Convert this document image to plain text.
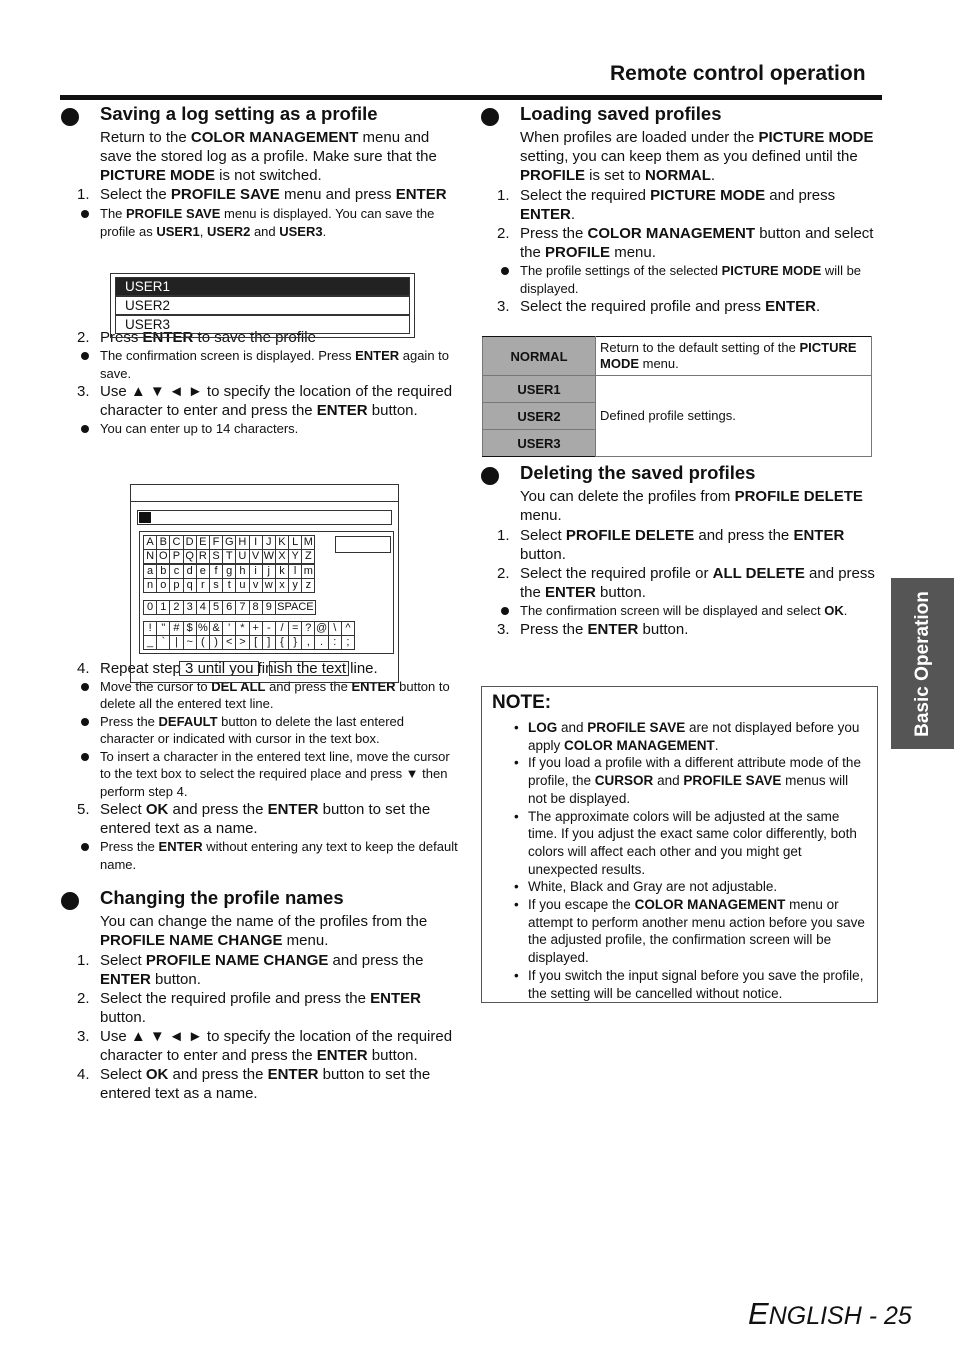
Remote control operation
Saving a log setting as a profile
Return to the COLOR MANAGEMENT menu and save the stored log as a profile. Make sure that the PICTURE MODE is not switched.
1. Select the PROFILE SAVE menu and press ENTER
The PROFILE SAVE menu is displayed. You can save the profile as USER1, USER2 and USER3.
2. Press ENTER to save the profile
The confirmation screen is displayed. Press ENTER again to save.
3. Use ▲ ▼ ◄ ► to specify the location of the required character to enter and press the ENTER button.
You can enter up to 14 characters.
4. Repeat step 3 until you finish the text line.
Move the cursor to DEL ALL and press the ENTER button to delete all the entered text line.
Press the DEFAULT button to delete the last entered character or indicated with cursor in the text box.
To insert a character in the entered text line, move the cursor to the text box to select the required place and press ▼ then perform step 4.
5. Select OK and press the ENTER button to set the entered text as a name.
Press the ENTER without entering any text to keep the default name.
Changing the profile names
You can change the name of the profiles from the PROFILE NAME CHANGE menu.
1. Select PROFILE NAME CHANGE and press the ENTER button.
2. Select the required profile and press the ENTER button.
3. Use ▲ ▼ ◄ ► to specify the location of the required character to enter and press the ENTER button.
4. Select OK and press the ENTER button to set the entered text as a name.
USER1
USER2
USER3
A B C D E F G H I J K L M
N O P Q R S T U V W X Y Z
a b c d e f g h i j k l m
n o p q r s t u v w x y z
0 1 2 3 4 5 6 7 8 9 SPACE
! " # $ % & ' * + - / = ? @ \ ^
_ ` | ~ ( ) < > [ ] { } , . : ;
Loading saved profiles
When profiles are loaded under the PICTURE MODE setting, you can keep them as you defined until the PROFILE is set to NORMAL.
1. Select the required PICTURE MODE and press ENTER.
2. Press the COLOR MANAGEMENT button and select the PROFILE menu.
The profile settings of the selected PICTURE MODE will be displayed.
3. Select the required profile and press ENTER.
Deleting the saved profiles
You can delete the profiles from PROFILE DELETE menu.
1. Select PROFILE DELETE and press the ENTER button.
2. Select the required profile or ALL DELETE and press the ENTER button.
The confirmation screen will be displayed and select OK.
3. Press the ENTER button.
NORMAL	Return to the default setting of the PICTURE MODE menu.
USER1	Defined profile settings.
USER2	
USER3	
NOTE:
• LOG and PROFILE SAVE are not displayed before you apply COLOR MANAGEMENT.
• If you load a profile with a different attribute mode of the profile, the CURSOR and PROFILE SAVE menus will not be displayed.
• The approximate colors will be adjusted at the same time. If you adjust the exact same color differently, both colors will affect each other and you might get unexpected results.
• White, Black and Gray are not adjustable.
• If you escape the COLOR MANAGEMENT menu or attempt to perform another menu action before you save the adjusted profile, the confirmation screen will be displayed.
• If you switch the input signal before you save the profile, the setting will be cancelled without notice.
Basic Operation
ENGLISH - 25
